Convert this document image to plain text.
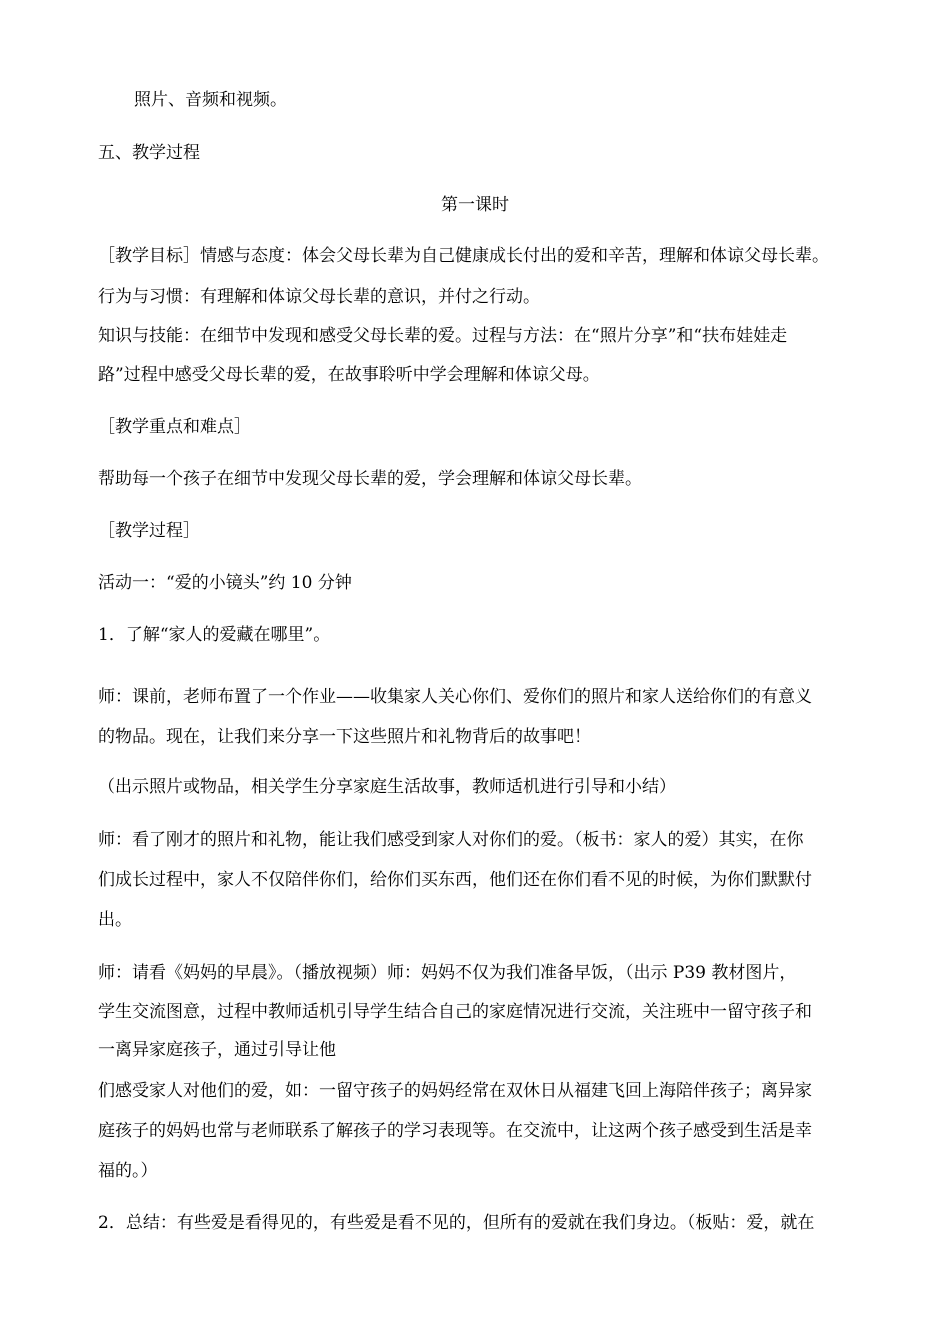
照片、音频和视频。

五、教学过程

第一课时

［教学目标］情感与态度：体会父母长辈为自己健康成长付出的爱和辛苦，理解和体谅父母长辈。

行为与习惯：有理解和体谅父母长辈的意识，并付之行动。

知识与技能：在细节中发现和感受父母长辈的爱。过程与方法：在“照片分享”和“扶布娃娃走

路”过程中感受父母长辈的爱，在故事聆听中学会理解和体谅父母。

［教学重点和难点］

帮助每一个孩子在细节中发现父母长辈的爱，学会理解和体谅父母长辈。

［教学过程］

活动一：“爱的小镜头”约 10 分钟

1．了解“家人的爱藏在哪里”。

师：课前，老师布置了一个作业——收集家人关心你们、爱你们的照片和家人送给你们的有意义

的物品。现在，让我们来分享一下这些照片和礼物背后的故事吧！

（出示照片或物品，相关学生分享家庭生活故事，教师适机进行引导和小结）

师：看了刚才的照片和礼物，能让我们感受到家人对你们的爱。（板书：家人的爱）其实，在你

们成长过程中，家人不仅陪伴你们，给你们买东西，他们还在你们看不见的时候，为你们默默付

出。

师：请看《妈妈的早晨》。（播放视频）师：妈妈不仅为我们准备早饭，（出示 P39 教材图片，

学生交流图意，过程中教师适机引导学生结合自己的家庭情况进行交流，关注班中一留守孩子和

一离异家庭孩子，通过引导让他

们感受家人对他们的爱，如：一留守孩子的妈妈经常在双休日从福建飞回上海陪伴孩子；离异家

庭孩子的妈妈也常与老师联系了解孩子的学习表现等。在交流中，让这两个孩子感受到生活是幸

福的。）

2．总结：有些爱是看得见的，有些爱是看不见的，但所有的爱就在我们身边。（板贴：爱，就在
